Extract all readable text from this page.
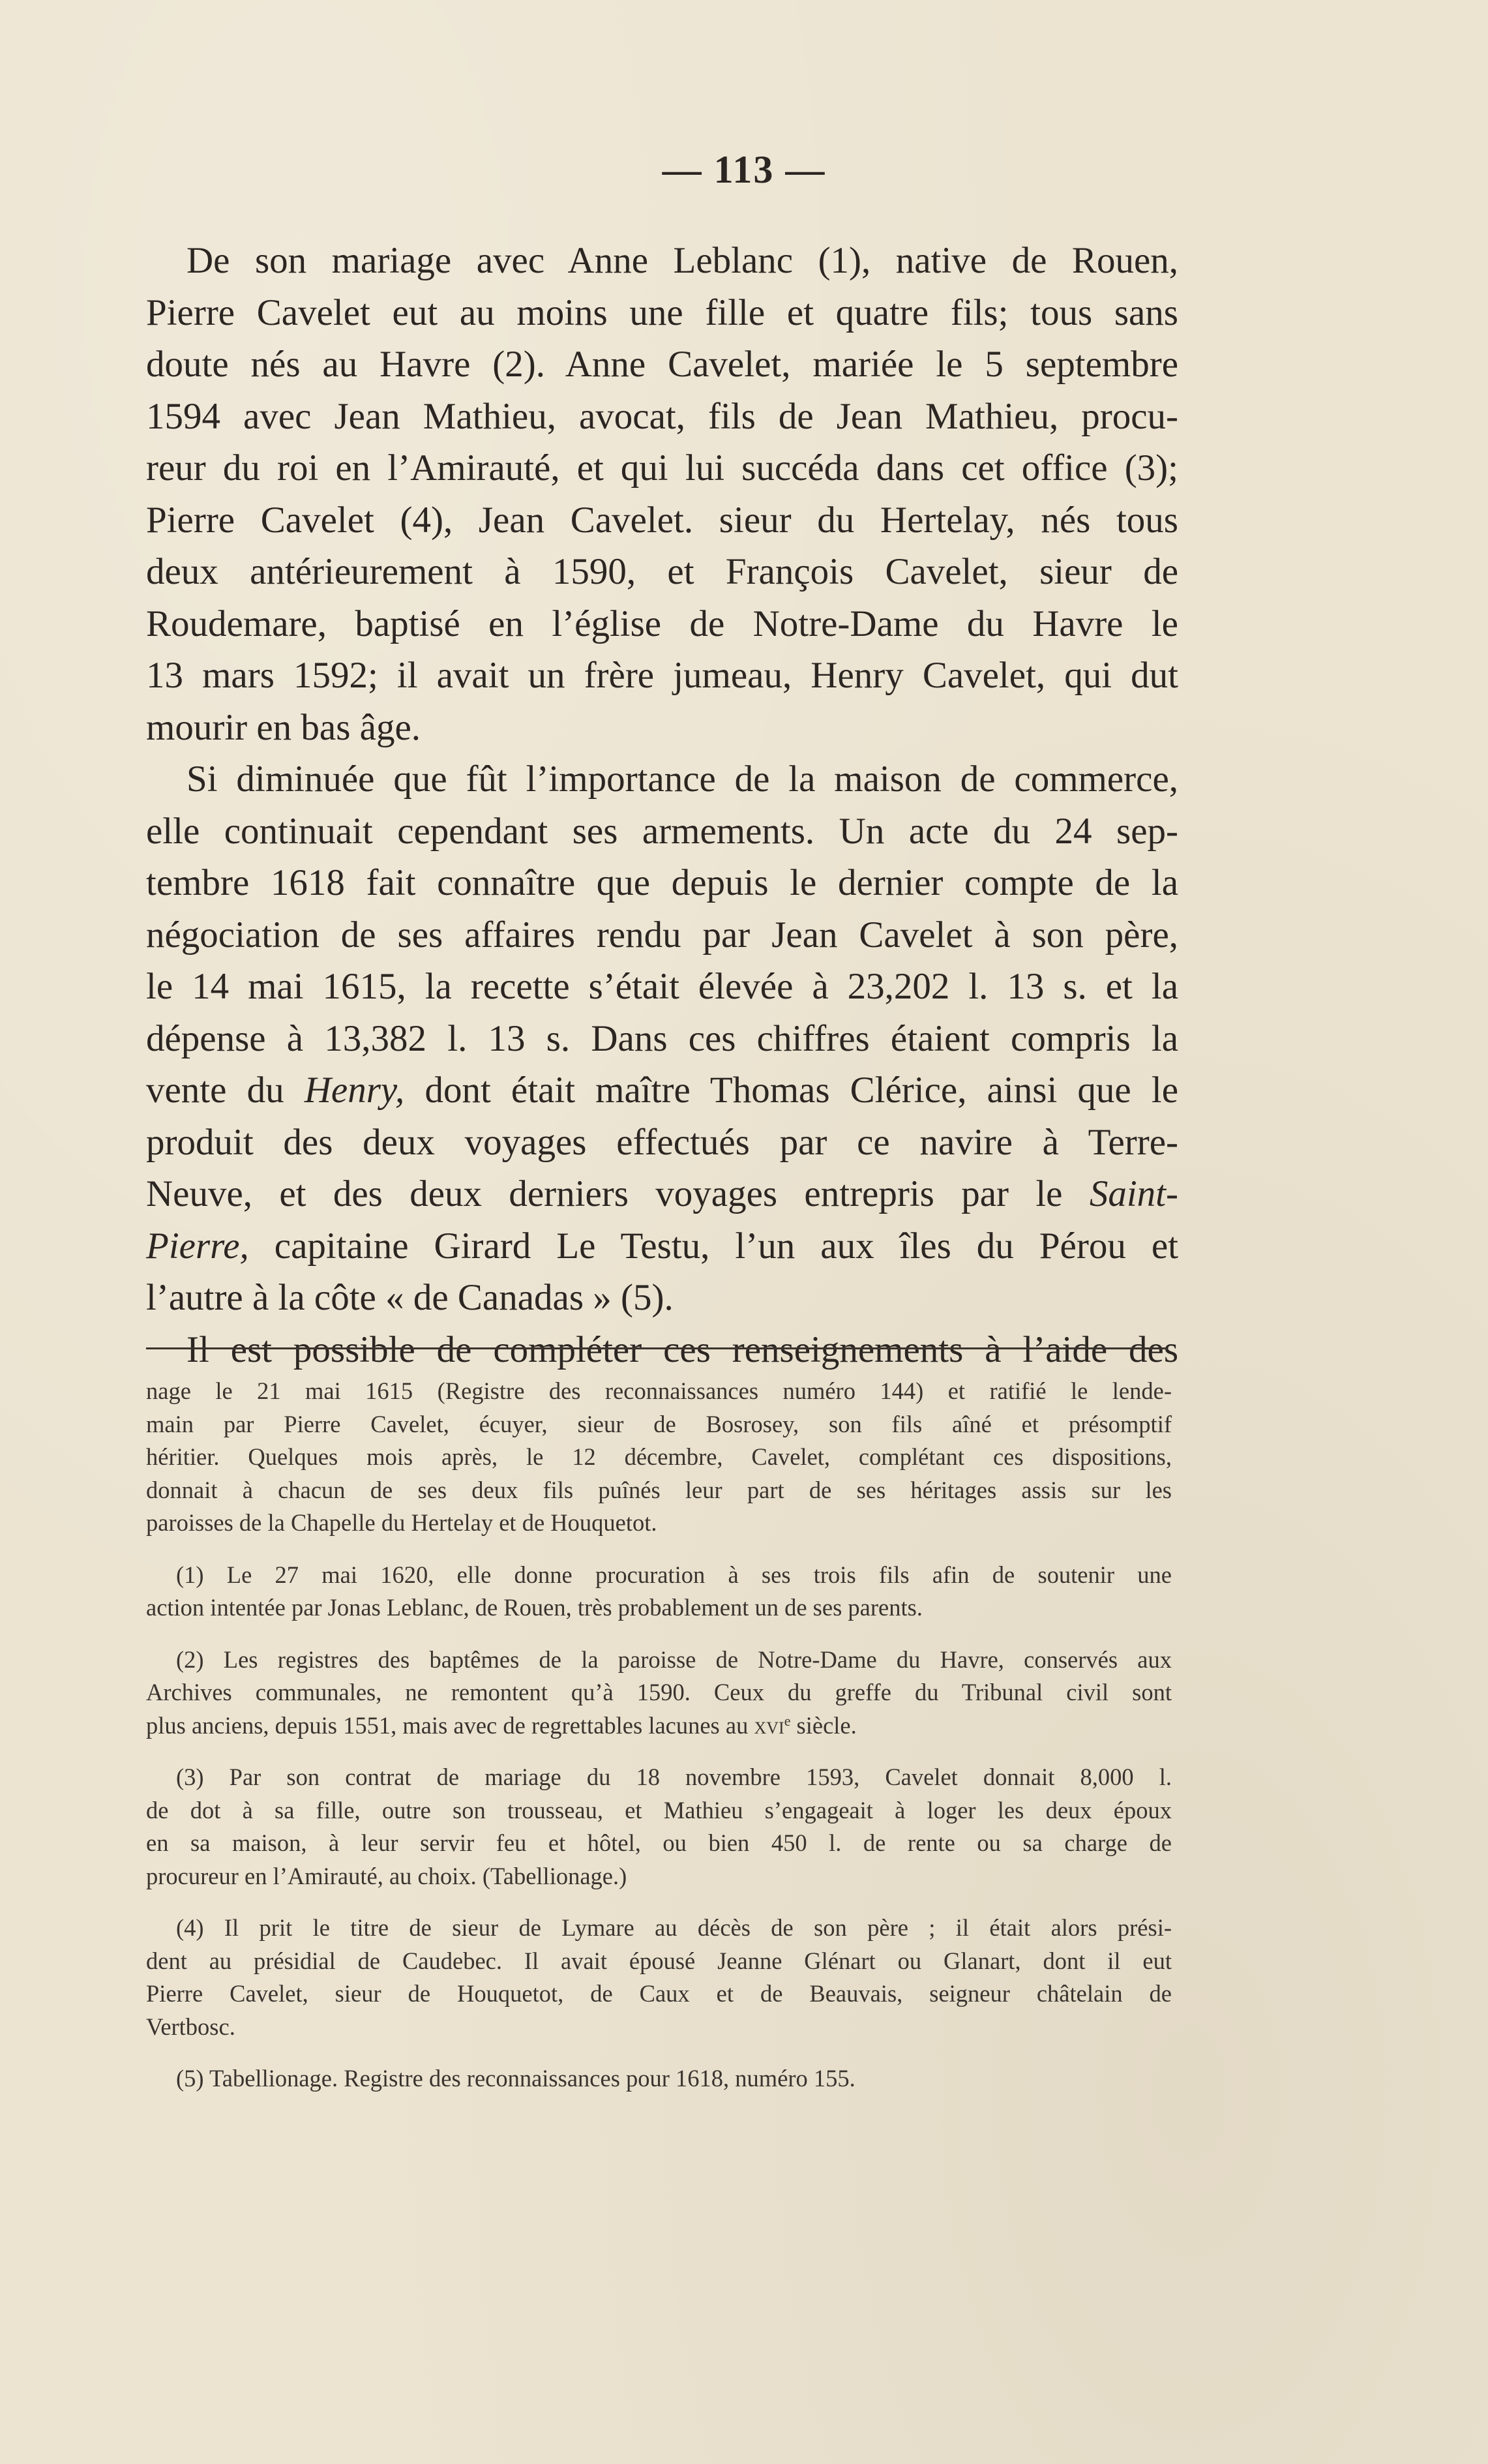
— 113 —
De son mariage avec Anne Leblanc (1), native de Rouen,
Pierre Cavelet eut au moins une fille et quatre fils; tous sans
doute nés au Havre (2). Anne Cavelet, mariée le 5 septembre
1594 avec Jean Mathieu, avocat, fils de Jean Mathieu, procu-
reur du roi en l’Amirauté, et qui lui succéda dans cet office (3);
Pierre Cavelet (4), Jean Cavelet. sieur du Hertelay, nés tous
deux antérieurement à 1590, et François Cavelet, sieur de
Roudemare, baptisé en l’église de Notre-Dame du Havre le
13 mars 1592; il avait un frère jumeau, Henry Cavelet, qui dut
mourir en bas âge.
Si diminuée que fût l’importance de la maison de commerce,
elle continuait cependant ses armements. Un acte du 24 sep-
tembre 1618 fait connaître que depuis le dernier compte de la
négociation de ses affaires rendu par Jean Cavelet à son père,
le 14 mai 1615, la recette s’était élevée à 23,202 l. 13 s. et la
dépense à 13,382 l. 13 s. Dans ces chiffres étaient compris la
vente du Henry, dont était maître Thomas Clérice, ainsi que le
produit des deux voyages effectués par ce navire à Terre-
Neuve, et des deux derniers voyages entrepris par le Saint-
Pierre, capitaine Girard Le Testu, l’un aux îles du Pérou et
l’autre à la côte « de Canadas » (5).
Il est possible de compléter ces renseignements à l’aide des
nage le 21 mai 1615 (Registre des reconnaissances numéro 144) et ratifié le lende-
main par Pierre Cavelet, écuyer, sieur de Bosrosey, son fils aîné et présomptif
héritier. Quelques mois après, le 12 décembre, Cavelet, complétant ces dispositions,
donnait à chacun de ses deux fils puînés leur part de ses héritages assis sur les
paroisses de la Chapelle du Hertelay et de Houquetot.
(1) Le 27 mai 1620, elle donne procuration à ses trois fils afin de soutenir une
action intentée par Jonas Leblanc, de Rouen, très probablement un de ses parents.
(2) Les registres des baptêmes de la paroisse de Notre-Dame du Havre, conservés aux
Archives communales, ne remontent qu’à 1590. Ceux du greffe du Tribunal civil sont
plus anciens, depuis 1551, mais avec de regrettables lacunes au xvi$^e$ siècle.
(3) Par son contrat de mariage du 18 novembre 1593, Cavelet donnait 8,000 l.
de dot à sa fille, outre son trousseau, et Mathieu s’engageait à loger les deux époux
en sa maison, à leur servir feu et hôtel, ou bien 450 l. de rente ou sa charge de
procureur en l’Amirauté, au choix. (Tabellionage.)
(4) Il prit le titre de sieur de Lymare au décès de son père ; il était alors prési-
dent au présidial de Caudebec. Il avait épousé Jeanne Glénart ou Glanart, dont il eut
Pierre Cavelet, sieur de Houquetot, de Caux et de Beauvais, seigneur châtelain de
Vertbosc.
(5) Tabellionage. Registre des reconnaissances pour 1618, numéro 155.
